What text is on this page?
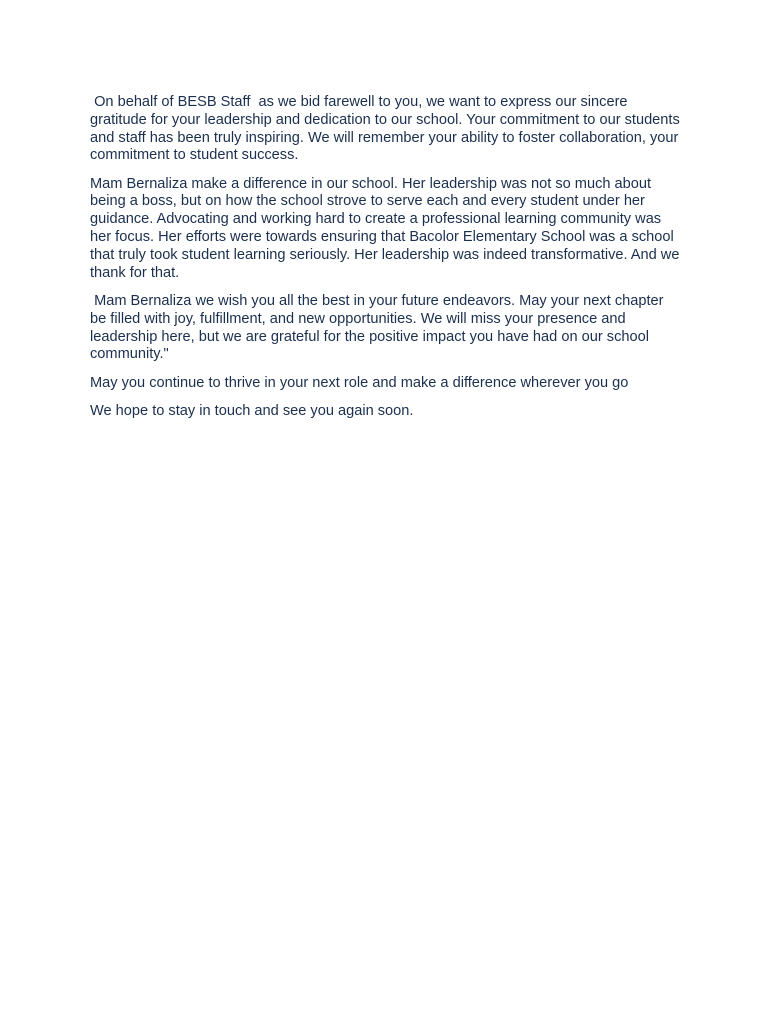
On behalf of BESB Staff  as we bid farewell to you, we want to express our sincere gratitude for your leadership and dedication to our school. Your commitment to our students and staff has been truly inspiring. We will remember your ability to foster collaboration, your commitment to student success.

Mam Bernaliza make a difference in our school. Her leadership was not so much about being a boss, but on how the school strove to serve each and every student under her guidance. Advocating and working hard to create a professional learning community was her focus. Her efforts were towards ensuring that Bacolor Elementary School was a school that truly took student learning seriously. Her leadership was indeed transformative. And we thank for that.

Mam Bernaliza we wish you all the best in your future endeavors. May your next chapter be filled with joy, fulfillment, and new opportunities. We will miss your presence and leadership here, but we are grateful for the positive impact you have had on our school community."

May you continue to thrive in your next role and make a difference wherever you go

We hope to stay in touch and see you again soon.
